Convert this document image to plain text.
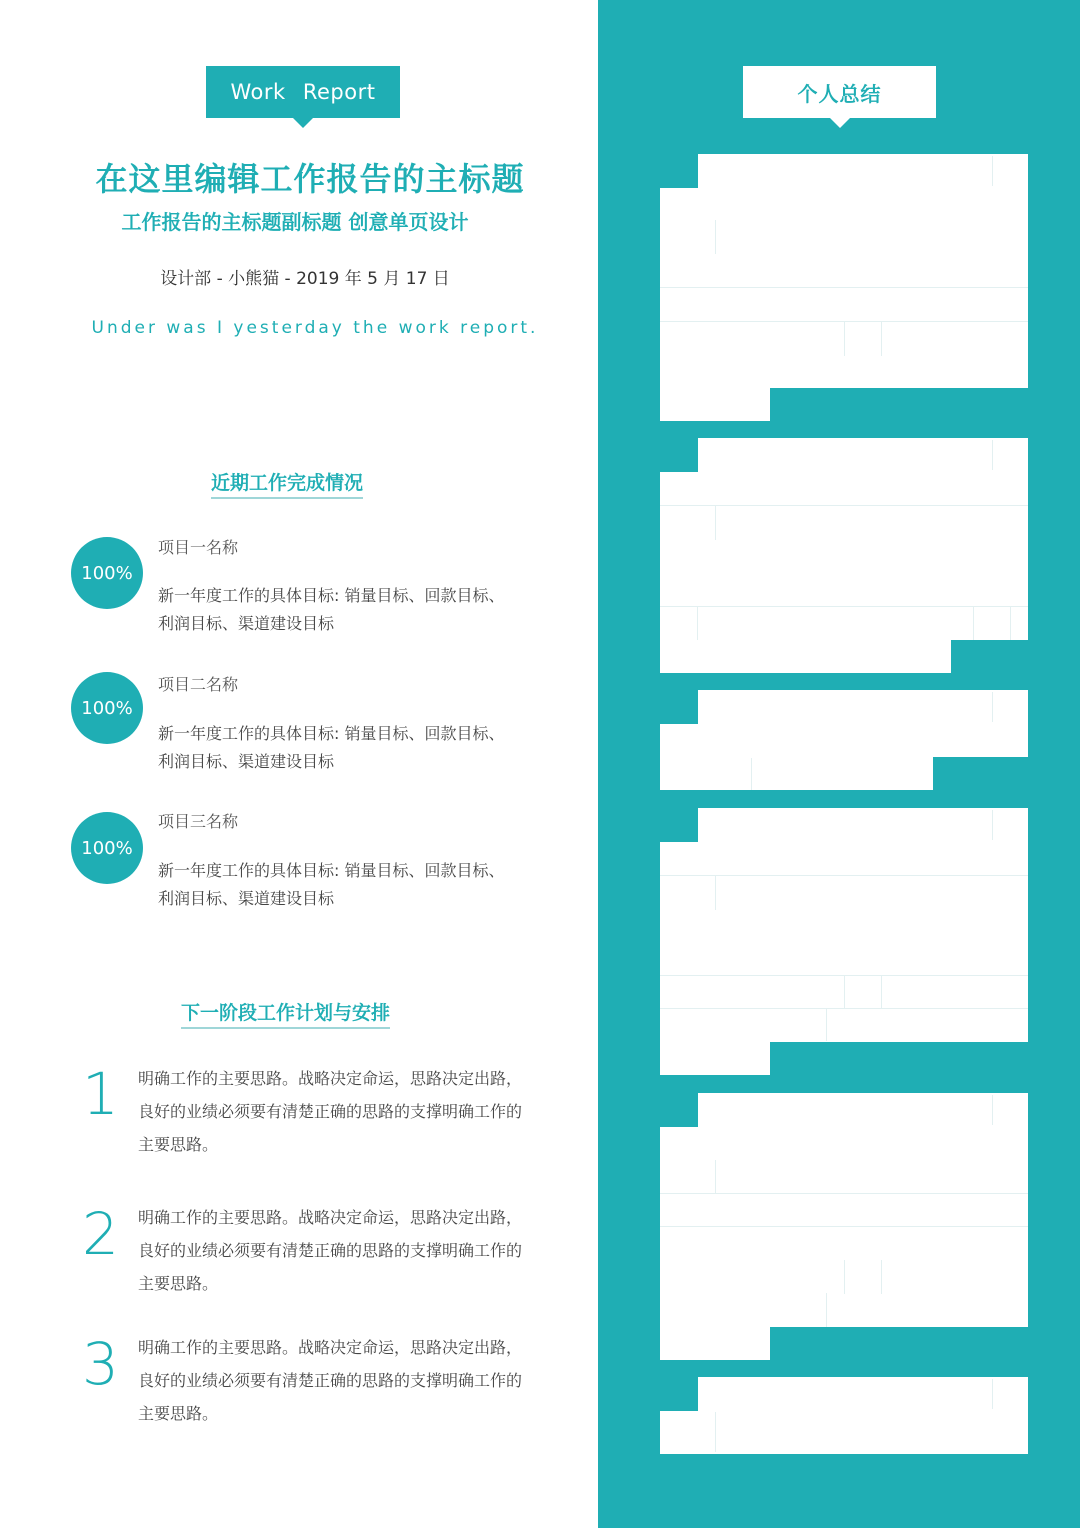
Work Report
在这里编辑工作报告的主标题
工作报告的主标题副标题 创意单页设计
设计部 - 小熊猫 - 2019 年 5 月 17 日
Under was I yesterday the work report.
近期工作完成情况
100%
项目一名称
新一年度工作的具体目标: 销量目标、回款目标、利润目标、渠道建设目标
100%
项目二名称
新一年度工作的具体目标: 销量目标、回款目标、利润目标、渠道建设目标
100%
项目三名称
新一年度工作的具体目标: 销量目标、回款目标、利润目标、渠道建设目标
下一阶段工作计划与安排
1 明确工作的主要思路。战略决定命运，思路决定出路，良好的业绩必须要有清楚正确的思路的支撑明确工作的主要思路。
2 明确工作的主要思路。战略决定命运，思路决定出路，良好的业绩必须要有清楚正确的思路的支撑明确工作的主要思路。
3 明确工作的主要思路。战略决定命运，思路决定出路，良好的业绩必须要有清楚正确的思路的支撑明确工作的主要思路。
个人总结
